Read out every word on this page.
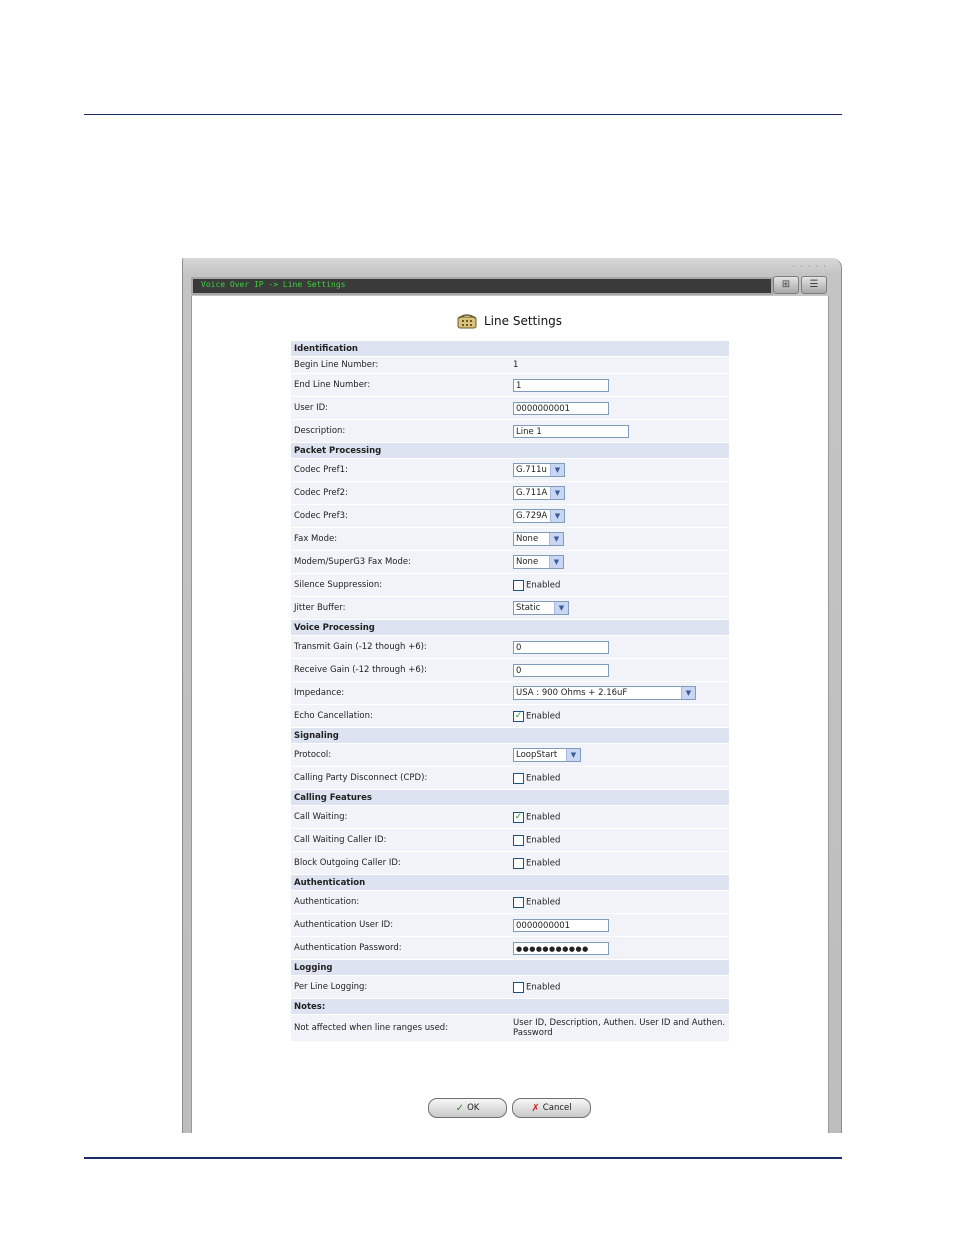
· · · · ·
Voice Over IP -> Line Settings	⊞	☰
Line Settings
Identification	
Begin Line Number:	1
End Line Number:	1
User ID:	0000000001
Description:	Line 1
Packet Processing	
Codec Pref1:	G.711u ▼

Codec Pref2:	G.711A ▼

Codec Pref3:	G.729A ▼

Fax Mode:	None ▼

Modem/SuperG3 Fax Mode:	None ▼

Silence Suppression:	Enabled
Jitter Buffer:	Static ▼

Voice Processing	
Transmit Gain (-12 though +6):	0
Receive Gain (-12 through +6):	0
Impedance:	USA : 900 Ohms + 2.16uF ▼

Echo Cancellation:	✓ Enabled
Signaling	
Protocol:	LoopStart ▼

Calling Party Disconnect (CPD):	Enabled
Calling Features	
Call Waiting:	✓ Enabled
Call Waiting Caller ID:	Enabled
Block Outgoing Caller ID:	Enabled
Authentication	
Authentication:	Enabled
Authentication User ID:	0000000001
Authentication Password:	●●●●●●●●●●●
Logging	
Per Line Logging:	Enabled
Notes:	
Not affected when line ranges used:	User ID, Description, Authen. User ID and Authen. Password
✓ OK	✗ Cancel
